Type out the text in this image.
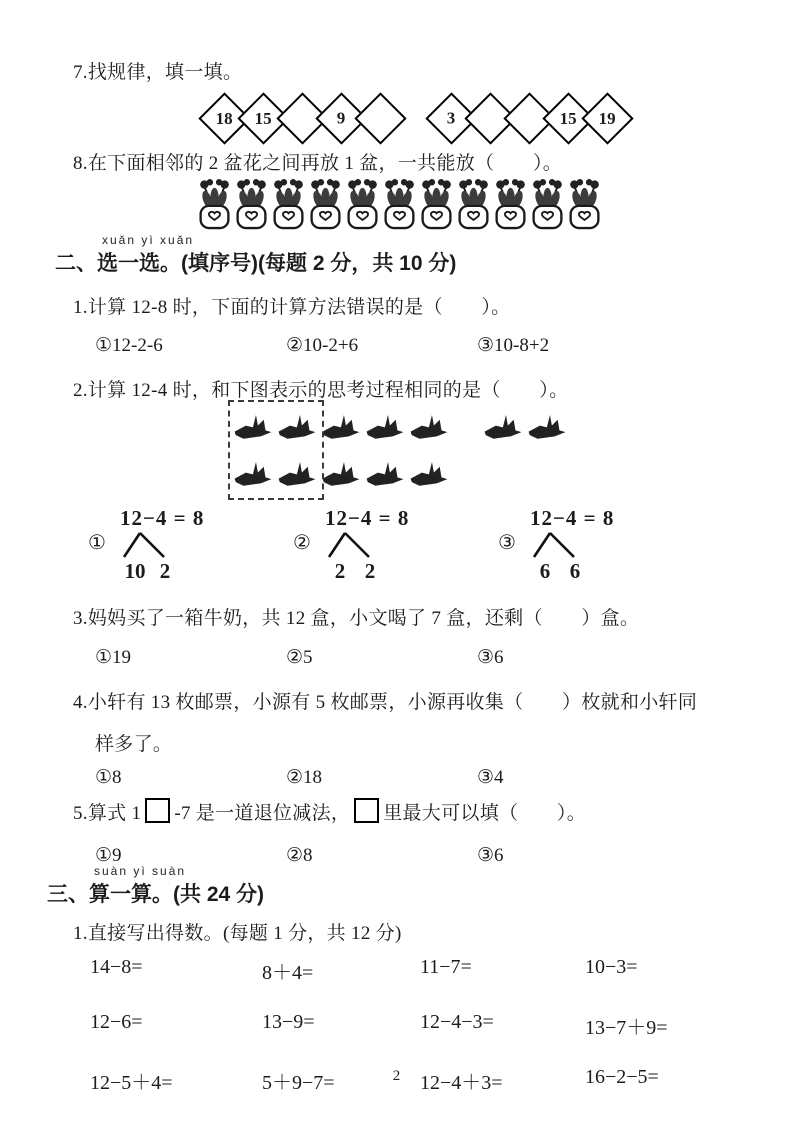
7.找规律，填一填。
18 15	9	3	15 19
8.在下面相邻的 2 盆花之间再放 1 盆，一共能放（　　）。
xuǎn yì xuǎn
二、选一选。(填序号)(每题 2 分，共 10 分)
1.计算 12-8 时，下面的计算方法错误的是（　　）。
①12-2-6	②10-2+6	③10-8+2
2.计算 12-4 时，和下图表示的思考过程相同的是（　　）。
①
12−4 = 8
10 2
②
12−4 = 8
2 2
③
12−4 = 8
6 6
3.妈妈买了一箱牛奶，共 12 盒，小文喝了 7 盒，还剩（　　）盒。
①19	②5	③6
4.小轩有 13 枚邮票，小源有 5 枚邮票，小源再收集（　　）枚就和小轩同
样多了。
①8	②18	③4
5.算式 1 -7 是一道退位减法， 里最大可以填（　　）。
①9	②8	③6
suàn yì suàn
三、算一算。(共 24 分)
1.直接写出得数。(每题 1 分，共 12 分)
14−8=	8＋4=	11−7=	10−3=
12−6=	13−9=	12−4−3=	13−7＋9=
12−5＋4=	5＋9−7=	12−4＋3=	16−2−5=
2
